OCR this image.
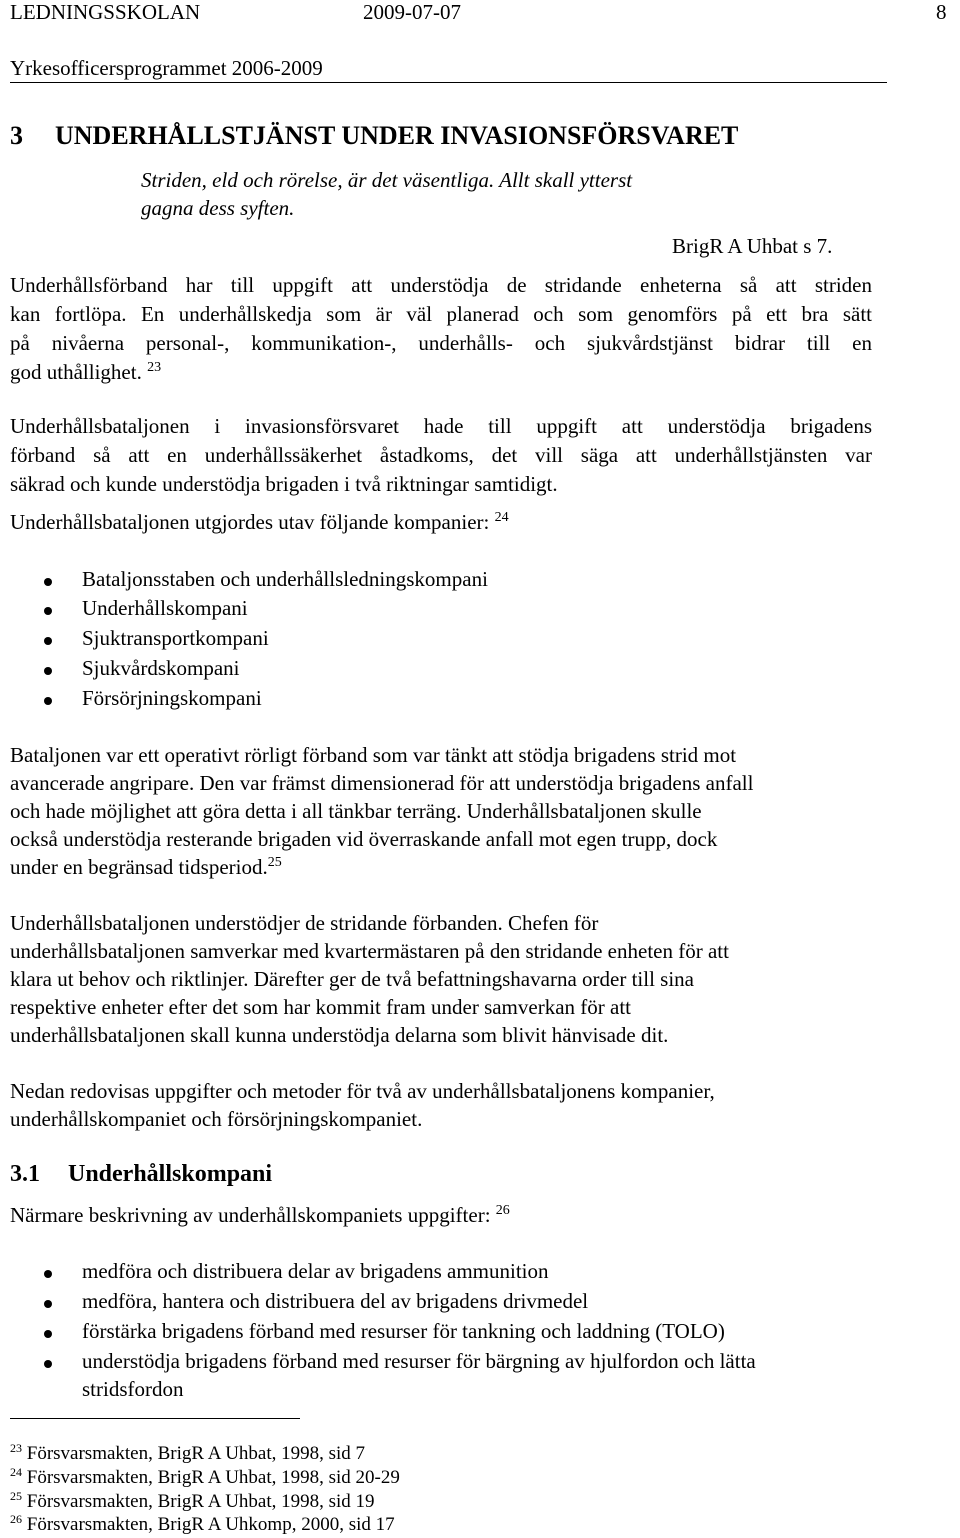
LEDNINGSSKOLAN	2009-07-07	8
Yrkesofficersprogrammet 2006-2009
3 UNDERHÅLLSTJÄNST UNDER INVASIONSFÖRSVARET
Striden, eld och rörelse, är det väsentliga. Allt skall ytterst
gagna dess syften.
BrigR A Uhbat s 7.
Underhållsförband har till uppgift att understödja de stridande enheterna så att striden
kan fortlöpa. En underhållskedja som är väl planerad och som genomförs på ett bra sätt
på nivåerna personal-, kommunikation-, underhålls- och sjukvårdstjänst bidrar till en
god uthållighet. $^{23}$
Underhållsbataljonen i invasionsförsvaret hade till uppgift att understödja brigadens
förband så att en underhållssäkerhet åstadkoms, det vill säga att underhållstjänsten var
säkrad och kunde understödja brigaden i två riktningar samtidigt.
Underhållsbataljonen utgjordes utav följande kompanier: $^{24}$
Bataljonsstaben och underhållsledningskompani
Underhållskompani
Sjuktransportkompani
Sjukvårdskompani
Försörjningskompani
Bataljonen var ett operativt rörligt förband som var tänkt att stödja brigadens strid mot
avancerade angripare. Den var främst dimensionerad för att understödja brigadens anfall
och hade möjlighet att göra detta i all tänkbar terräng. Underhållsbataljonen skulle
också understödja resterande brigaden vid överraskande anfall mot egen trupp, dock
under en begränsad tidsperiod.$^{25}$
Underhållsbataljonen understödjer de stridande förbanden. Chefen för
underhållsbataljonen samverkar med kvartermästaren på den stridande enheten för att
klara ut behov och riktlinjer. Därefter ger de två befattningshavarna order till sina
respektive enheter efter det som har kommit fram under samverkan för att
underhållsbataljonen skall kunna understödja delarna som blivit hänvisade dit.
Nedan redovisas uppgifter och metoder för två av underhållsbataljonens kompanier,
underhållskompaniet och försörjningskompaniet.
3.1 Underhållskompani
Närmare beskrivning av underhållskompaniets uppgifter: $^{26}$
medföra och distribuera delar av brigadens ammunition
medföra, hantera och distribuera del av brigadens drivmedel
förstärka brigadens förband med resurser för tankning och laddning (TOLO)
understödja brigadens förband med resurser för bärgning av hjulfordon och lätta
stridsfordon
$^{23}$ Försvarsmakten, BrigR A Uhbat, 1998, sid 7
$^{24}$ Försvarsmakten, BrigR A Uhbat, 1998, sid 20-29
$^{25}$ Försvarsmakten, BrigR A Uhbat, 1998, sid 19
$^{26}$ Försvarsmakten, BrigR A Uhkomp, 2000, sid 17
